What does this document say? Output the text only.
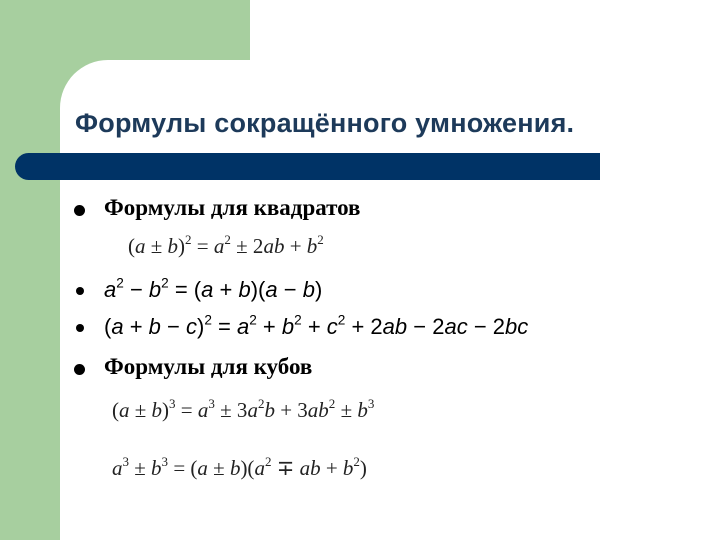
Формулы сокращённого умножения.
Формулы для квадратов
$(a \pm b)^2 = a^2 \pm 2ab + b^2$
$a^2 - b^2 = (a + b)(a - b)$
$(a + b - c)^2 = a^2 + b^2 + c^2 + 2ab - 2ac - 2bc$
Формулы для кубов
$(a \pm b)^3 = a^3 \pm 3a^2b + 3ab^2 \pm b^3$
$a^3 \pm b^3 = (a \pm b)(a^2$ ∓ ab + $b^2$)
